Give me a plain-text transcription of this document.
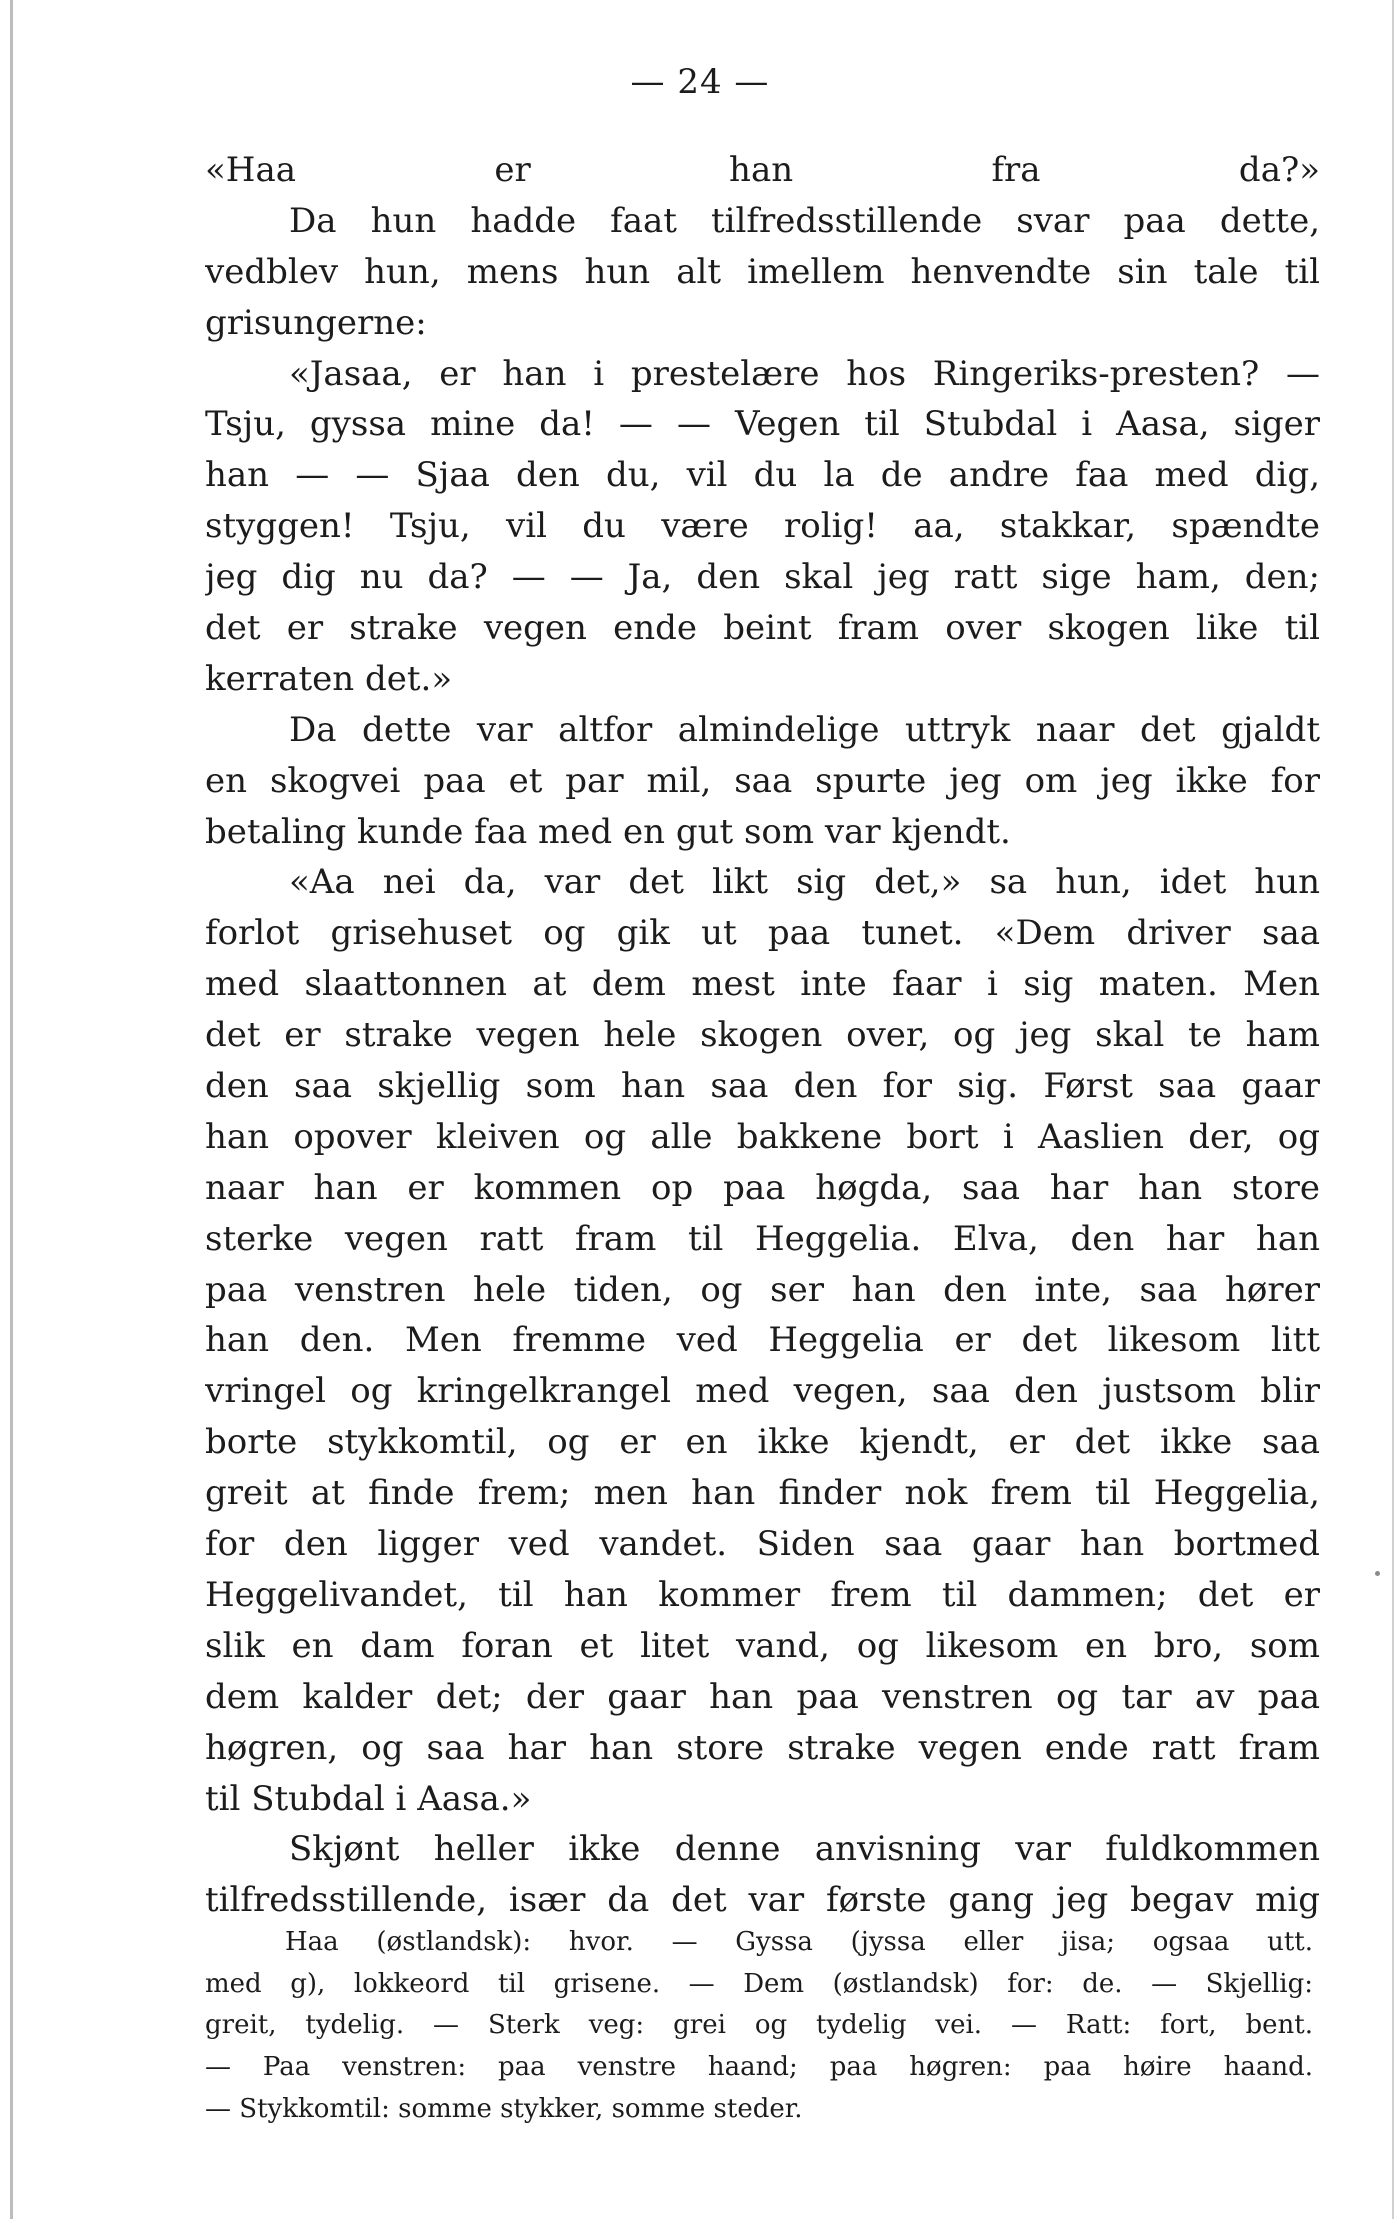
— 24 —
«Haa er han fra da?»
Da hun hadde faat tilfredsstillende svar paa dette,
vedblev hun, mens hun alt imellem henvendte sin tale til
grisungerne:
«Jasaa, er han i prestelære hos Ringeriks-presten? —
Tsju, gyssa mine da! — — Vegen til Stubdal i Aasa, siger
han — — Sjaa den du, vil du la de andre faa med dig,
styggen! Tsju, vil du være rolig! aa, stakkar, spændte
jeg dig nu da? — — Ja, den skal jeg ratt sige ham, den;
det er strake vegen ende beint fram over skogen like til
kerraten det.»
Da dette var altfor almindelige uttryk naar det gjaldt
en skogvei paa et par mil, saa spurte jeg om jeg ikke for
betaling kunde faa med en gut som var kjendt.
«Aa nei da, var det likt sig det,» sa hun, idet hun
forlot grisehuset og gik ut paa tunet. «Dem driver saa
med slaattonnen at dem mest inte faar i sig maten. Men
det er strake vegen hele skogen over, og jeg skal te ham
den saa skjellig som han saa den for sig. Først saa gaar
han opover kleiven og alle bakkene bort i Aaslien der, og
naar han er kommen op paa høgda, saa har han store
sterke vegen ratt fram til Heggelia. Elva, den har han
paa venstren hele tiden, og ser han den inte, saa hører
han den. Men fremme ved Heggelia er det likesom litt
vringel og kringelkrangel med vegen, saa den justsom blir
borte stykkomtil, og er en ikke kjendt, er det ikke saa
greit at finde frem; men han finder nok frem til Heggelia,
for den ligger ved vandet. Siden saa gaar han bortmed
Heggelivandet, til han kommer frem til dammen; det er
slik en dam foran et litet vand, og likesom en bro, som
dem kalder det; der gaar han paa venstren og tar av paa
høgren, og saa har han store strake vegen ende ratt fram
til Stubdal i Aasa.»
Skjønt heller ikke denne anvisning var fuldkommen
tilfredsstillende, især da det var første gang jeg begav mig
Haa (østlandsk): hvor. — Gyssa (jyssa eller jisa; ogsaa utt.
med g), lokkeord til grisene. — Dem (østlandsk) for: de. — Skjellig:
greit, tydelig. — Sterk veg: grei og tydelig vei. — Ratt: fort, bent.
— Paa venstren: paa venstre haand; paa høgren: paa høire haand.
— Stykkomtil: somme stykker, somme steder.
